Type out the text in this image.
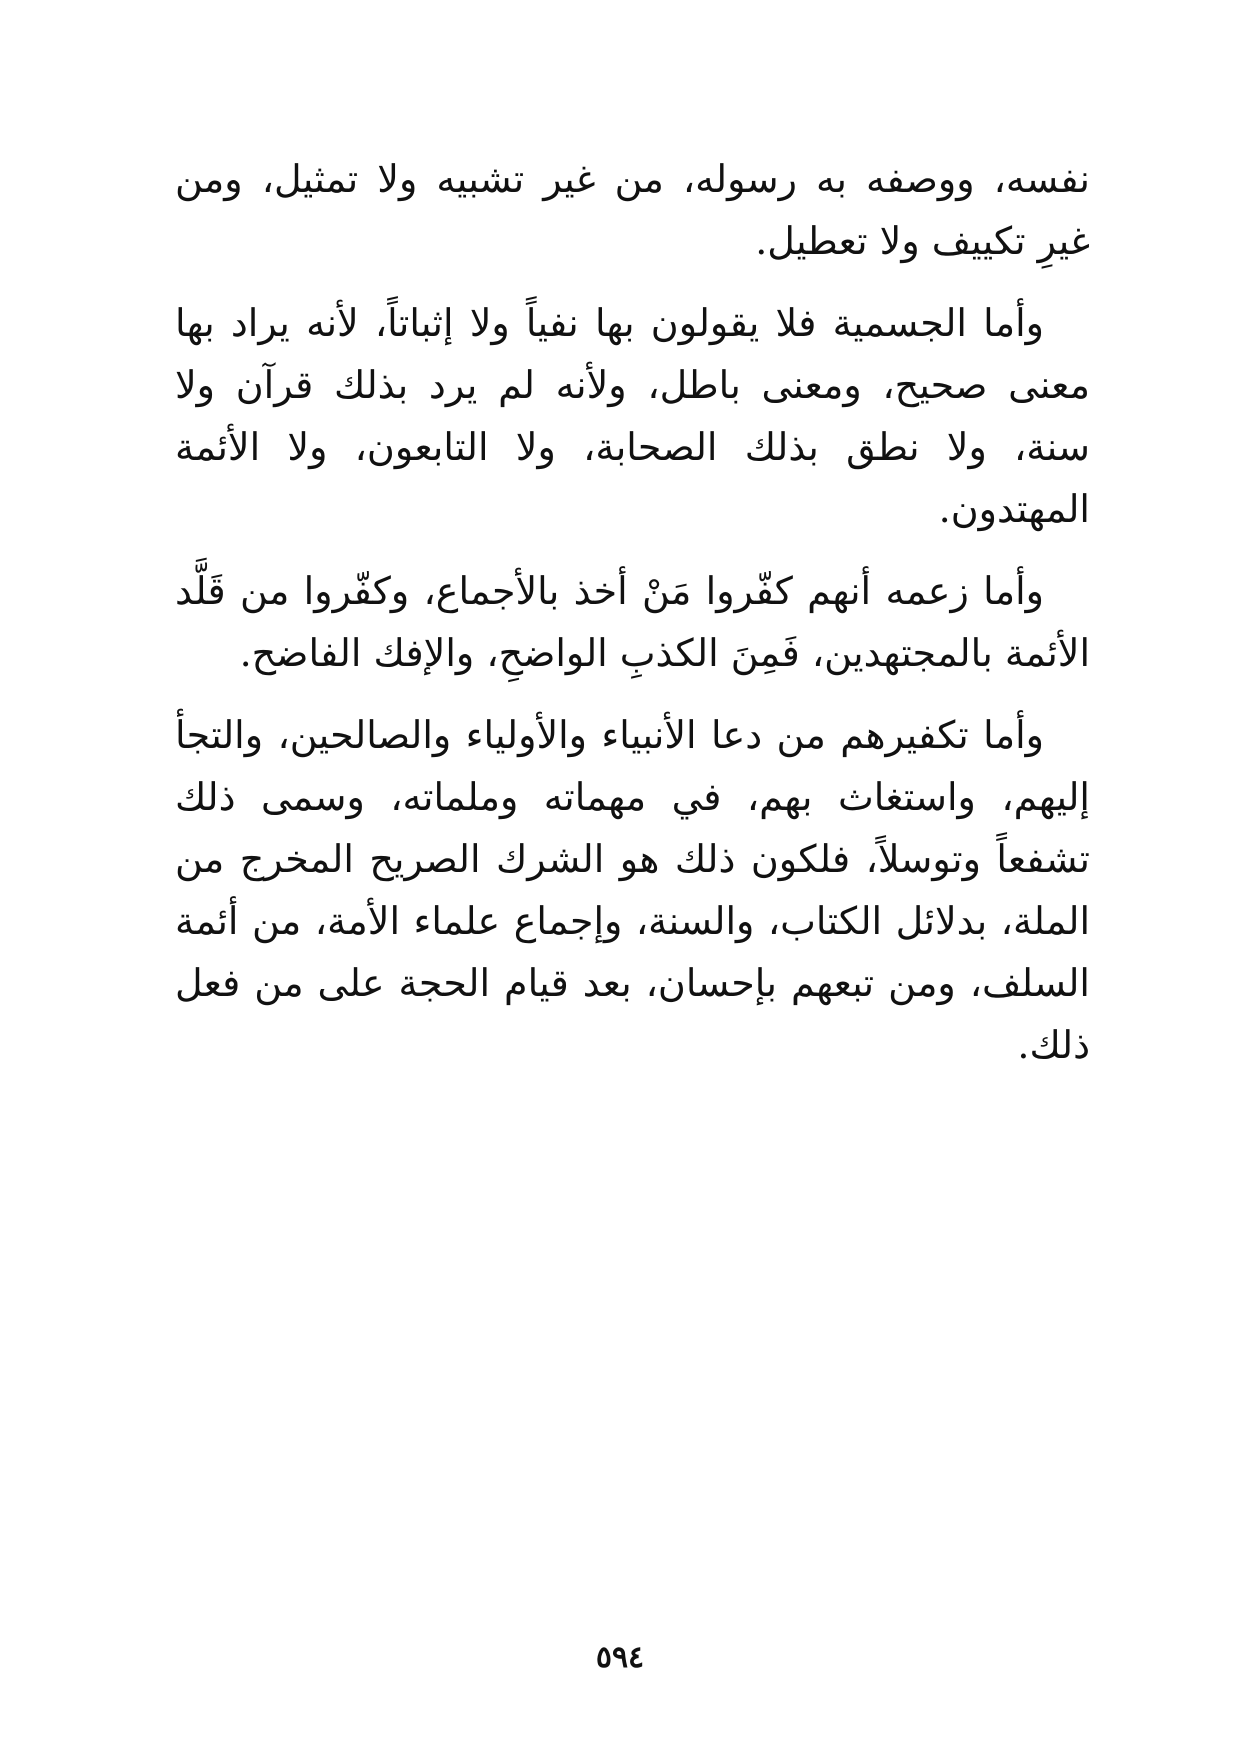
نفسه، ووصفه به رسوله، من غير تشبيه ولا تمثيل، ومن غيرِ تكييف ولا تعطيل.

وأما الجسمية فلا يقولون بها نفياً ولا إثباتاً، لأنه يراد بها معنى صحيح، ومعنى باطل، ولأنه لم يرد بذلك قرآن ولا سنة، ولا نطق بذلك الصحابة، ولا التابعون، ولا الأئمة المهتدون.

وأما زعمه أنهم كفّروا مَنْ أخذ بالأجماع، وكفّروا من قَلَّد الأئمة بالمجتهدين، فَمِنَ الكذبِ الواضحِ، والإفك الفاضح.

وأما تكفيرهم من دعا الأنبياء والأولياء والصالحين، والتجأ إليهم، واستغاث بهم، في مهماته وملماته، وسمى ذلك تشفعاً وتوسلاً، فلكون ذلك هو الشرك الصريح المخرج من الملة، بدلائل الكتاب، والسنة، وإجماع علماء الأمة، من أئمة السلف، ومن تبعهم بإحسان، بعد قيام الحجة على من فعل ذلك.

٥٩٤
